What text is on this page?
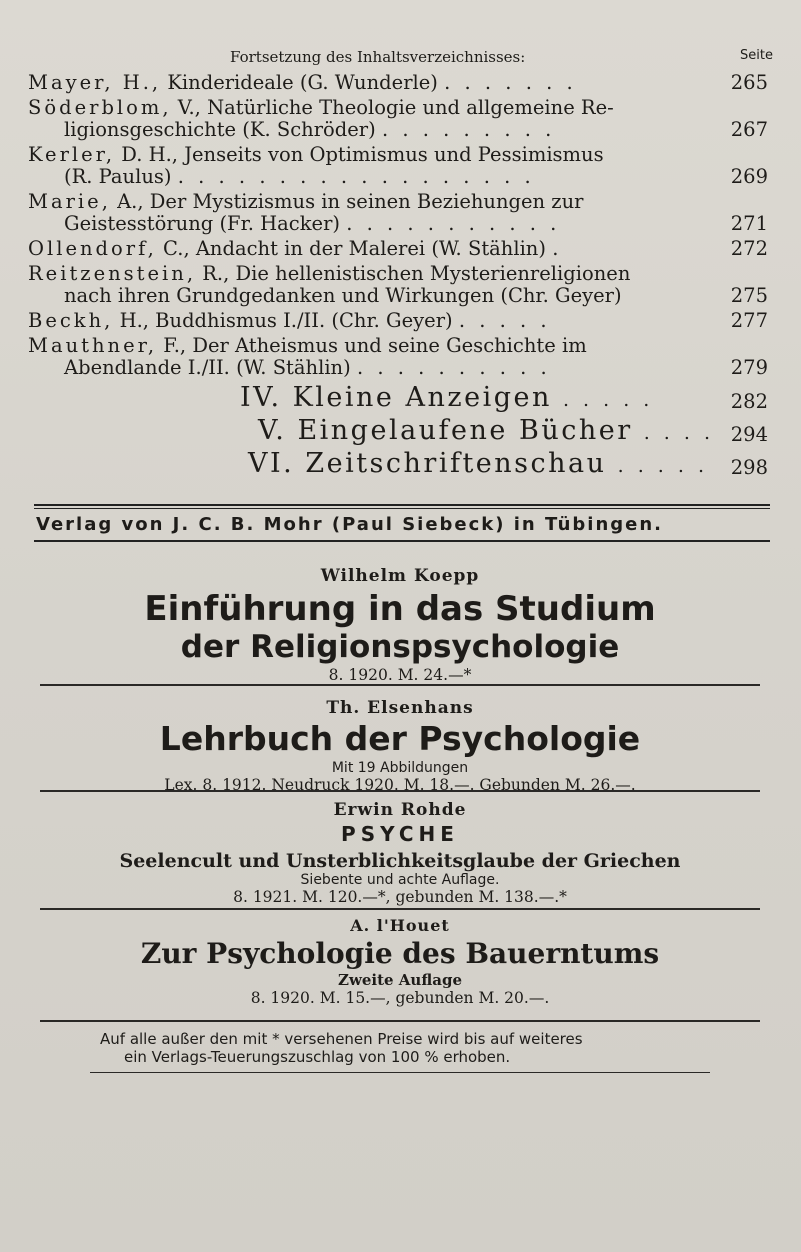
Fortsetzung des Inhaltsverzeichnisses:	Seite
Mayer, H., Kinderideale (G. Wunderle) . . . . . . .	265
Söderblom, V., Natürliche Theologie und allgemeine Re-
ligionsgeschichte (K. Schröder) . . . . . . . . .	267
Kerler, D. H., Jenseits von Optimismus und Pessimismus
(R. Paulus) . . . . . . . . . . . . . . . . . .	269
Marie, A., Der Mystizismus in seinen Beziehungen zur
Geistesstörung (Fr. Hacker) . . . . . . . . . . .	271
Ollendorf, C., Andacht in der Malerei (W. Stählin) .	272
Reitzenstein, R., Die hellenistischen Mysterienreligionen
nach ihren Grundgedanken und Wirkungen (Chr. Geyer)	275
Beckh, H., Buddhismus I./II. (Chr. Geyer) . . . . .	277
Mauthner, F., Der Atheismus und seine Geschichte im
Abendlande I./II. (W. Stählin) . . . . . . . . . .	279
IV. Kleine Anzeigen . . . . .	282
V. Eingelaufene Bücher . . . . 294
VI. Zeitschriftenschau . . . . . 298
Verlag von J. C. B. Mohr (Paul Siebeck) in Tübingen.
Wilhelm Koepp
Einführung in das Studium
der Religionspsychologie
8. 1920. M. 24.—*
Th. Elsenhans
Lehrbuch der Psychologie
Mit 19 Abbildungen
Lex. 8. 1912. Neudruck 1920. M. 18.—. Gebunden M. 26.—.
Erwin Rohde
PSYCHE
Seelencult und Unsterblichkeitsglaube der Griechen
Siebente und achte Auflage.
8. 1921. M. 120.—*, gebunden M. 138.—.*
A. l'Houet
Zur Psychologie des Bauerntums
Zweite Auflage
8. 1920. M. 15.—, gebunden M. 20.—.
Auf alle außer den mit * versehenen Preise wird bis auf weiteres
ein Verlags-Teuerungszuschlag von 100 % erhoben.
